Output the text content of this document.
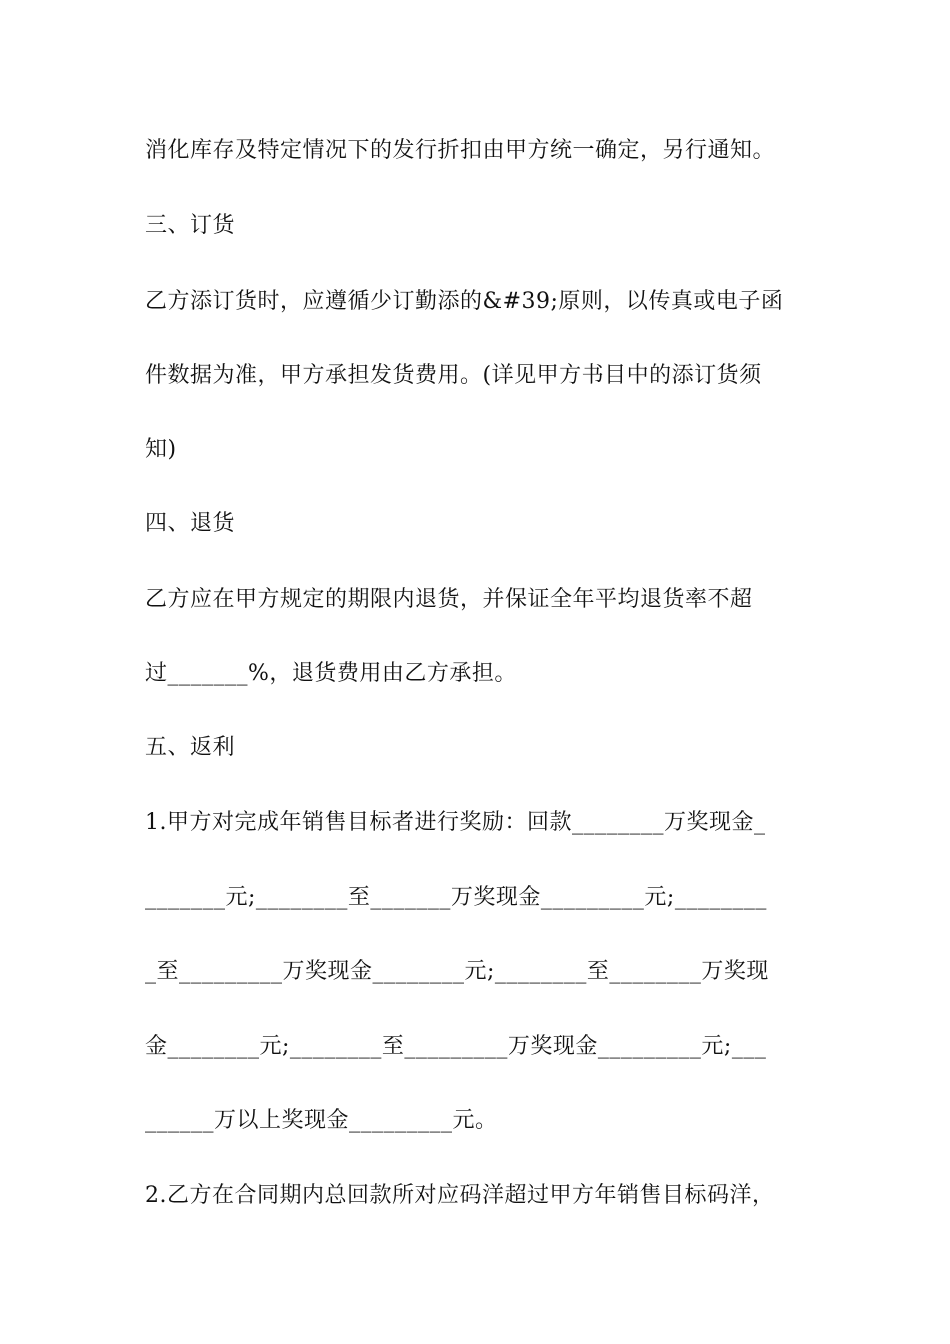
消化库存及特定情况下的发行折扣由甲方统一确定，另行通知。
三、订货
乙方添订货时，应遵循少订勤添的&#39;原则，以传真或电子函
件数据为准，甲方承担发货费用。(详见甲方书目中的添订货须
知)
四、退货
乙方应在甲方规定的期限内退货，并保证全年平均退货率不超
过_______%，退货费用由乙方承担。
五、返利
1.甲方对完成年销售目标者进行奖励：回款________万奖现金_
_______元;________至_______万奖现金_________元;________
_至_________万奖现金________元;________至________万奖现
金________元;________至_________万奖现金_________元;___
______万以上奖现金_________元。
2.乙方在合同期内总回款所对应码洋超过甲方年销售目标码洋，
